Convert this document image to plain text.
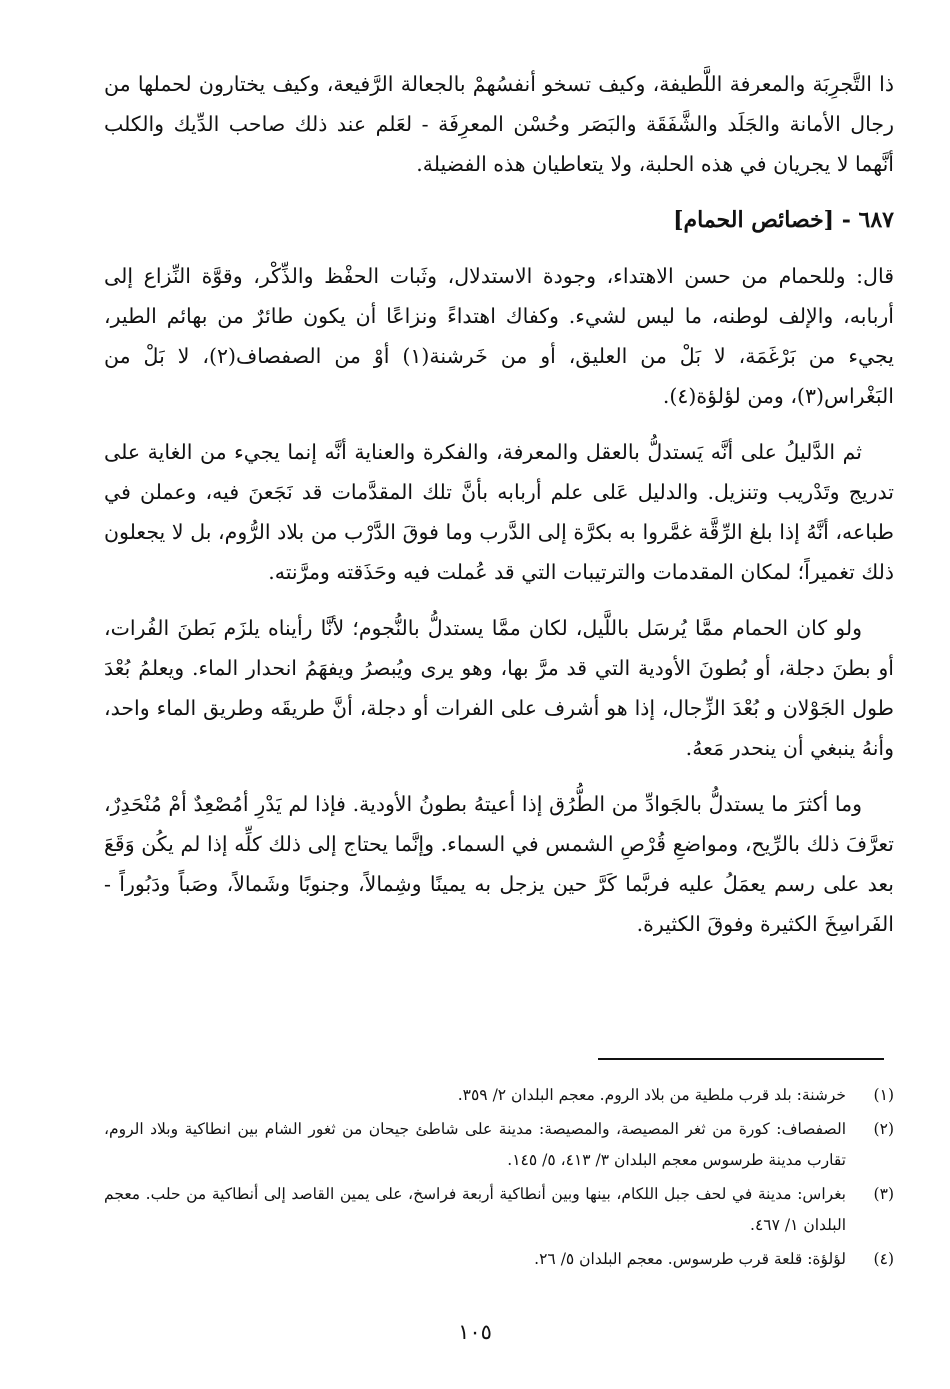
ذا التَّجرِبَة والمعرفة اللَّطيفة، وكيف تسخو أنفسُهمْ بالجعالة الرَّفيعة، وكيف يختارون لحملها من رجال الأمانة والجَلَد والشَّفَقَة والبَصَر وحُسْن المعرِفَة - لعَلم عند ذلك صاحب الدِّيك والكلب أنَّهما لا يجريان في هذه الحلبة، ولا يتعاطيان هذه الفضيلة.

٦٨٧ - [خصائص الحمام]

قال: وللحمام من حسن الاهتداء، وجودة الاستدلال، وثَبات الحفْظ والذِّكْر، وقوَّة النِّزاع إلى أربابه، والإلف لوطنه، ما ليس لشيء. وكفاك اهتداءً ونزاعًا أن يكون طائرٌ من بهائم الطير، يجيء من بَرْغَمَة، لا بَلْ من العليق، أو من خَرشنة(١) أوْ من الصفصاف(٢)، لا بَلْ من البَغْراس(٣)، ومن لؤلؤة(٤).

ثم الدَّليلُ على أنَّه يَستدلُّ بالعقل والمعرفة، والفكرة والعناية أنَّه إنما يجيء من الغاية على تدريج وتَدْريب وتنزيل. والدليل عَلى علم أربابه بأنَّ تلك المقدَّمات قد نَجَعنَ فيه، وعملن في طباعه، أنَّهُ إذا بلغ الرِّقَّة غمَّروا به بكرَّة إلى الدَّرب وما فوقَ الدَّرْب من بلاد الرُّوم، بل لا يجعلون ذلك تغميراً؛ لمكان المقدمات والترتيبات التي قد عُملت فيه وحَذَقته ومرَّنته.

ولو كان الحمام ممَّا يُرسَل باللَّيل، لكان ممَّا يستدلُّ بالنُّجوم؛ لأنَّا رأيناه يلزَم بَطنَ الفُرات، أو بطنَ دجلة، أو بُطونَ الأودية التي قد مرَّ بها، وهو يرى ويُبصرُ ويفهَمُ انحدار الماء. ويعلمُ بُعْدَ طول الجَوْلان و بُعْدَ الزِّجال، إذا هو أشرف على الفرات أو دجلة، أنَّ طريقَه وطريق الماء واحد، وأنهُ ينبغي أن ينحدر مَعهُ.

وما أكثرَ ما يستدلُّ بالجَوادِّ من الطُّرُق إذا أعيتهُ بطونُ الأودية. فإذا لم يَدْرِ أمُصْعِدٌ أمْ مُنْحَدِرٌ، تعرَّفَ ذلك بالرِّيح، ومواضعِ قُرْصِ الشمس في السماء. وإنَّما يحتاج إلى ذلك كلِّه إذا لم يكُن وَقَعَ بعد على رسم يعمَلُ عليه فربَّما كَرَّ حين يزجل به يمينًا وشِمالاً، وجنوبًا وشَمالاً، وصَباً ودَبُوراً - الفَراسِخَ الكثيرة وفوقَ الكثيرة.

(١)
خرشنة: بلد قرب ملطية من بلاد الروم. معجم البلدان ٢/ ٣٥٩.
(٢)
الصفصاف: كورة من ثغر المصيصة، والمصيصة: مدينة على شاطئ جيحان من ثغور الشام بين انطاكية وبلاد الروم، تقارب مدينة طرسوس معجم البلدان ٣/ ٤١٣، ٥/ ١٤٥.
(٣)
بغراس: مدينة في لحف جبل اللكام، بينها وبين أنطاكية أربعة فراسخ، على يمين القاصد إلى أنطاكية من حلب. معجم البلدان ١/ ٤٦٧.
(٤)
لؤلؤة: قلعة قرب طرسوس. معجم البلدان ٥/ ٢٦.
١٠٥
